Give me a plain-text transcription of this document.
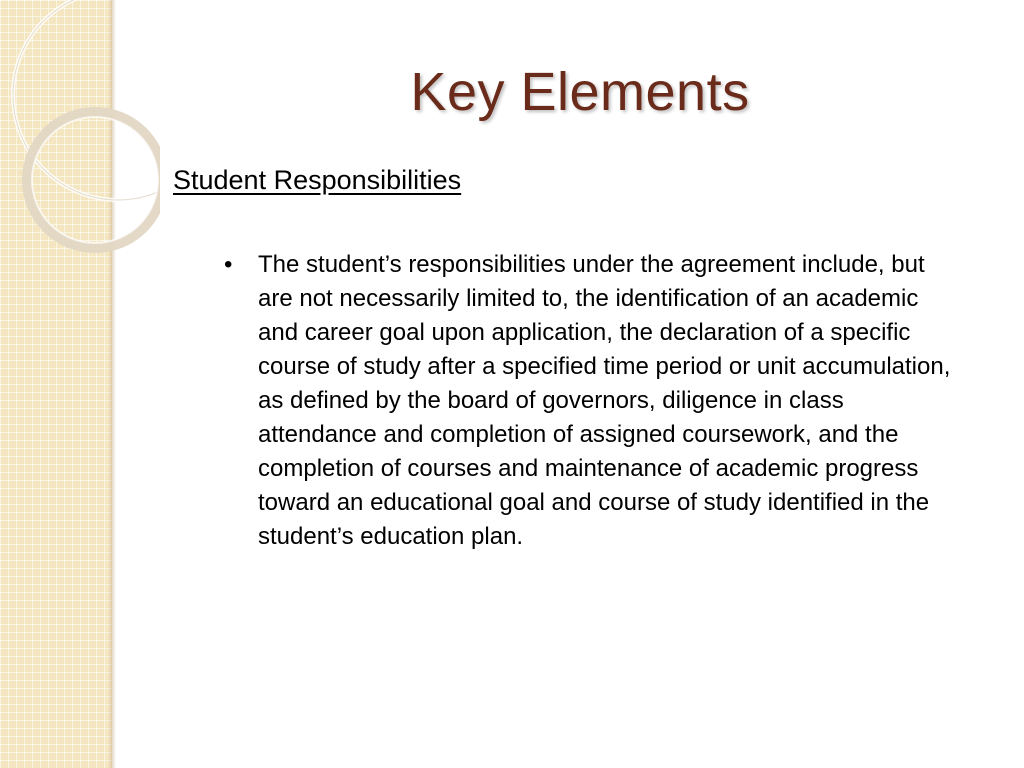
Key Elements
Student Responsibilities
•	The student’s responsibilities under the agreement include, but are not necessarily limited to, the identification of an academic and career goal upon application, the declaration of a specific course of study after a specified time period or unit accumulation, as defined by the board of governors, diligence in class attendance and completion of assigned coursework, and the completion of courses and maintenance of academic progress toward an educational goal and course of study identified in the student’s education plan.
